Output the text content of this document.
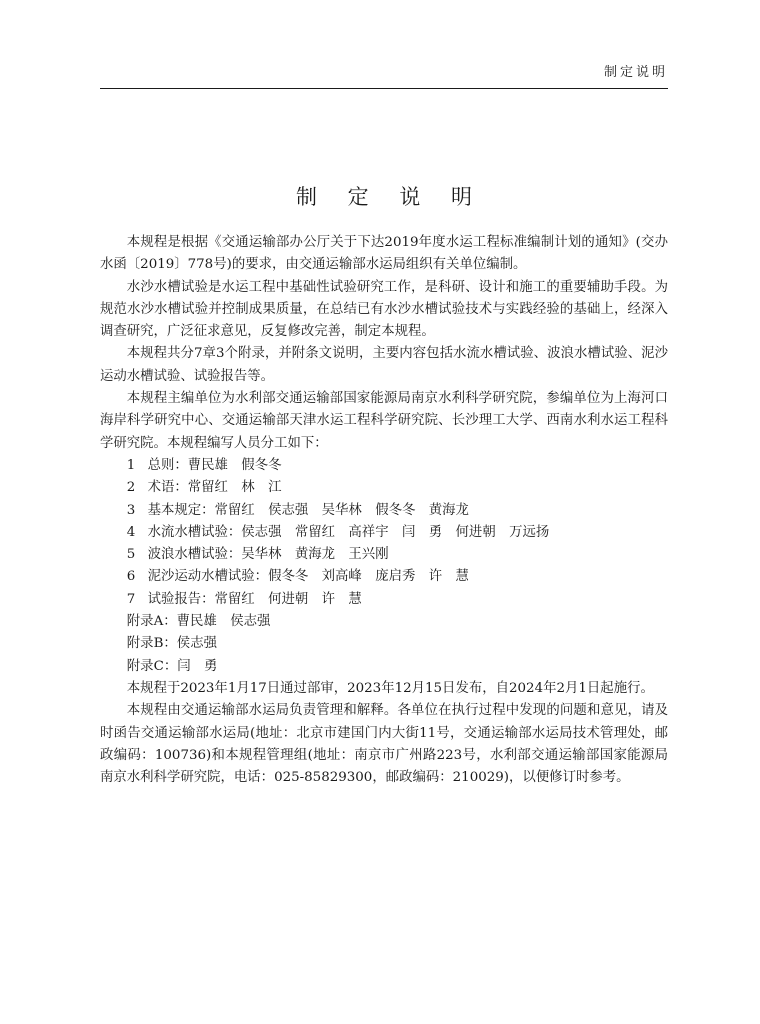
制定说明
制 定 说 明

本规程是根据《交通运输部办公厅关于下达2019年度水运工程标准编制计划的通知》(交办水函〔2019〕778号)的要求，由交通运输部水运局组织有关单位编制。

水沙水槽试验是水运工程中基础性试验研究工作，是科研、设计和施工的重要辅助手段。为规范水沙水槽试验并控制成果质量，在总结已有水沙水槽试验技术与实践经验的基础上，经深入调查研究，广泛征求意见，反复修改完善，制定本规程。

本规程共分7章3个附录，并附条文说明，主要内容包括水流水槽试验、波浪水槽试验、泥沙运动水槽试验、试验报告等。

本规程主编单位为水利部交通运输部国家能源局南京水利科学研究院，参编单位为上海河口海岸科学研究中心、交通运输部天津水运工程科学研究院、长沙理工大学、西南水利水运工程科学研究院。本规程编写人员分工如下：

1 总则：曹民雄　假冬冬
2 术语：常留红　林　江
3 基本规定：常留红　侯志强　吴华林　假冬冬　黄海龙
4 水流水槽试验：侯志强　常留红　高祥宇　闫　勇　何进朝　万远扬
5 波浪水槽试验：吴华林　黄海龙　王兴刚
6 泥沙运动水槽试验：假冬冬　刘高峰　庞启秀　许　慧
7 试验报告：常留红　何进朝　许　慧
附录A：曹民雄　侯志强
附录B：侯志强
附录C：闫　勇

本规程于2023年1月17日通过部审，2023年12月15日发布，自2024年2月1日起施行。

本规程由交通运输部水运局负责管理和解释。各单位在执行过程中发现的问题和意见，请及时函告交通运输部水运局(地址：北京市建国门内大街11号，交通运输部水运局技术管理处，邮政编码：100736)和本规程管理组(地址：南京市广州路223号，水利部交通运输部国家能源局南京水利科学研究院，电话：025-85829300，邮政编码：210029)，以便修订时参考。
